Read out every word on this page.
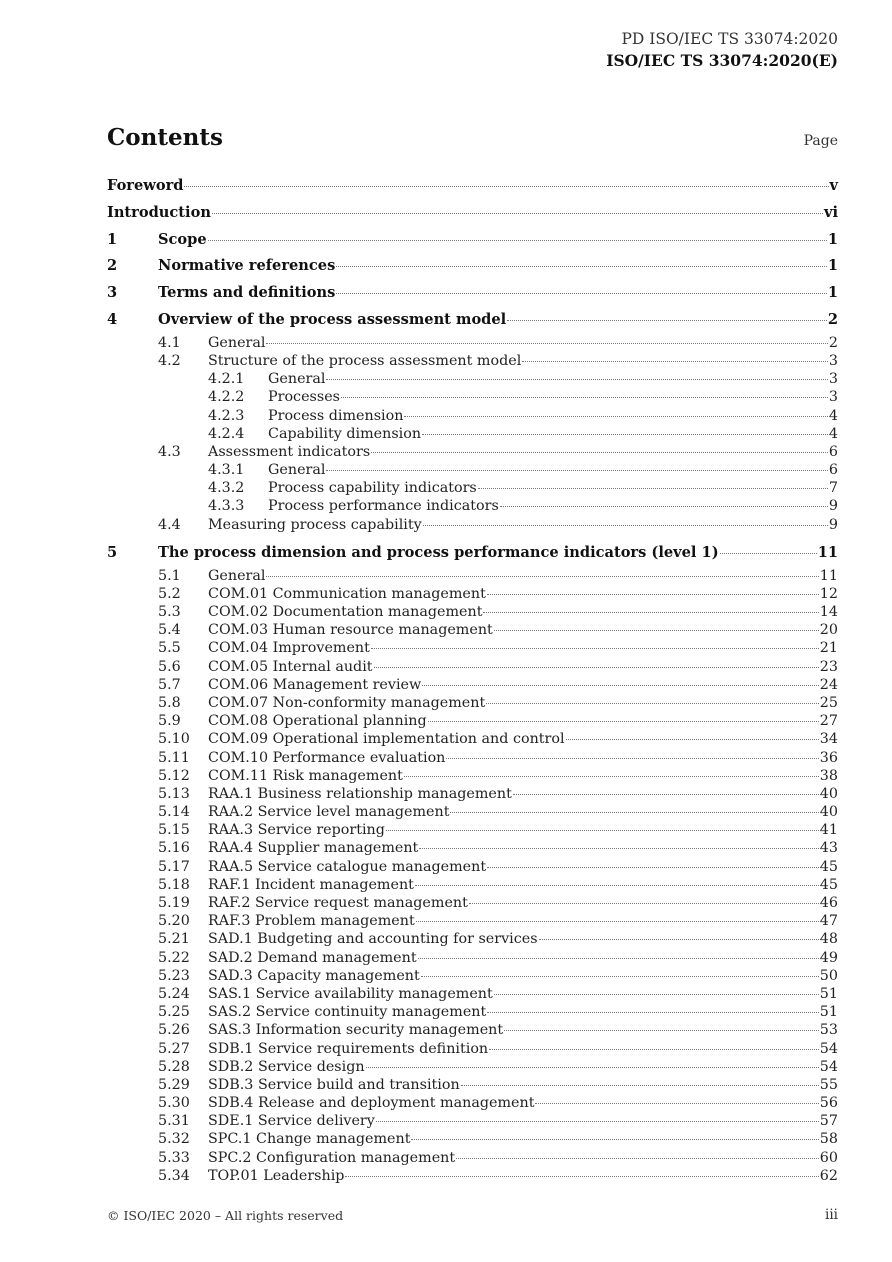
PD ISO/IEC TS 33074:2020
ISO/IEC TS 33074:2020(E)
Contents	Page
Foreword	v
Introduction	vi
1	Scope	1
2	Normative references	1
3	Terms and definitions	1
4	Overview of the process assessment model	2
4.1	General	2
4.2	Structure of the process assessment model	3
4.2.1	General	3
4.2.2	Processes	3
4.2.3	Process dimension	4
4.2.4	Capability dimension	4
4.3	Assessment indicators	6
4.3.1	General	6
4.3.2	Process capability indicators	7
4.3.3	Process performance indicators	9
4.4	Measuring process capability	9
5	The process dimension and process performance indicators (level 1)	11
5.1	General	11
5.2	COM.01 Communication management	12
5.3	COM.02 Documentation management	14
5.4	COM.03 Human resource management	20
5.5	COM.04 Improvement	21
5.6	COM.05 Internal audit	23
5.7	COM.06 Management review	24
5.8	COM.07 Non-conformity management	25
5.9	COM.08 Operational planning	27
5.10	COM.09 Operational implementation and control	34
5.11	COM.10 Performance evaluation	36
5.12	COM.11 Risk management	38
5.13	RAA.1 Business relationship management	40
5.14	RAA.2 Service level management	40
5.15	RAA.3 Service reporting	41
5.16	RAA.4 Supplier management	43
5.17	RAA.5 Service catalogue management	45
5.18	RAF.1 Incident management	45
5.19	RAF.2 Service request management	46
5.20	RAF.3 Problem management	47
5.21	SAD.1 Budgeting and accounting for services	48
5.22	SAD.2 Demand management	49
5.23	SAD.3 Capacity management	50
5.24	SAS.1 Service availability management	51
5.25	SAS.2 Service continuity management	51
5.26	SAS.3 Information security management	53
5.27	SDB.1 Service requirements definition	54
5.28	SDB.2 Service design	54
5.29	SDB.3 Service build and transition	55
5.30	SDB.4 Release and deployment management	56
5.31	SDE.1 Service delivery	57
5.32	SPC.1 Change management	58
5.33	SPC.2 Configuration management	60
5.34	TOP.01 Leadership	62
© ISO/IEC 2020 – All rights reserved	iii
